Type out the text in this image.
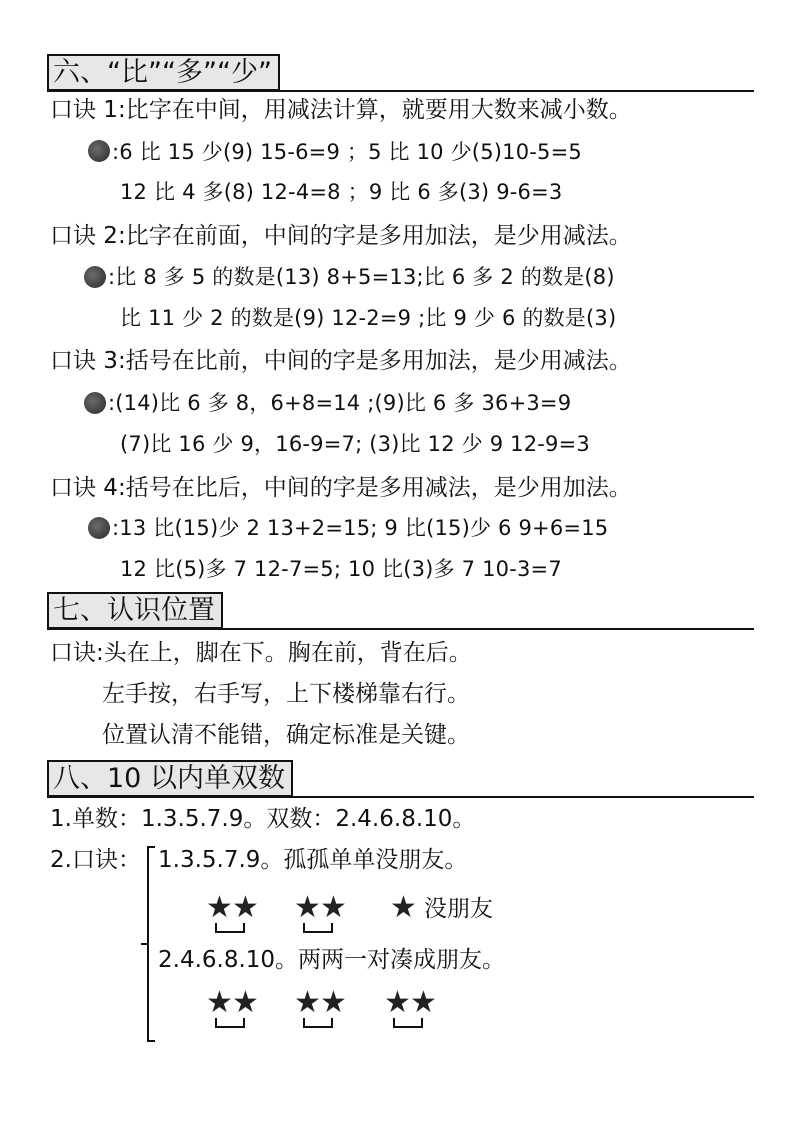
六、“比”“多”“少”
口诀 1:比字在中间，用减法计算，就要用大数来减小数。
:6 比 15 少(9) 15-6=9 ；5 比 10 少(5)10-5=5
12 比 4 多(8) 12-4=8 ；9 比 6 多(3) 9-6=3
口诀 2:比字在前面，中间的字是多用加法，是少用减法。
:比 8 多 5 的数是(13) 8+5=13;比 6 多 2 的数是(8)
比 11 少 2 的数是(9) 12-2=9 ;比 9 少 6 的数是(3)
口诀 3:括号在比前，中间的字是多用加法，是少用减法。
:(14)比 6 多 8，6+8=14 ;(9)比 6 多 36+3=9
(7)比 16 少 9，16-9=7; (3)比 12 少 9 12-9=3
口诀 4:括号在比后，中间的字是多用减法，是少用加法。
:13 比(15)少 2 13+2=15; 9 比(15)少 6 9+6=15
12 比(5)多 7 12-7=5; 10 比(3)多 7 10-3=7
七、认识位置
口诀:头在上，脚在下。胸在前，背在后。
左手按，右手写，上下楼梯靠右行。
位置认清不能错，确定标准是关键。
八、10 以内单双数
1.单数：1.3.5.7.9。双数：2.4.6.8.10。
2.口诀： 1.3.5.7.9。孤孤单单没朋友。
★ ★ ★ ★ ★ 没朋友
2.4.6.8.10。两两一对凑成朋友。
★ ★ ★ ★ ★ ★
